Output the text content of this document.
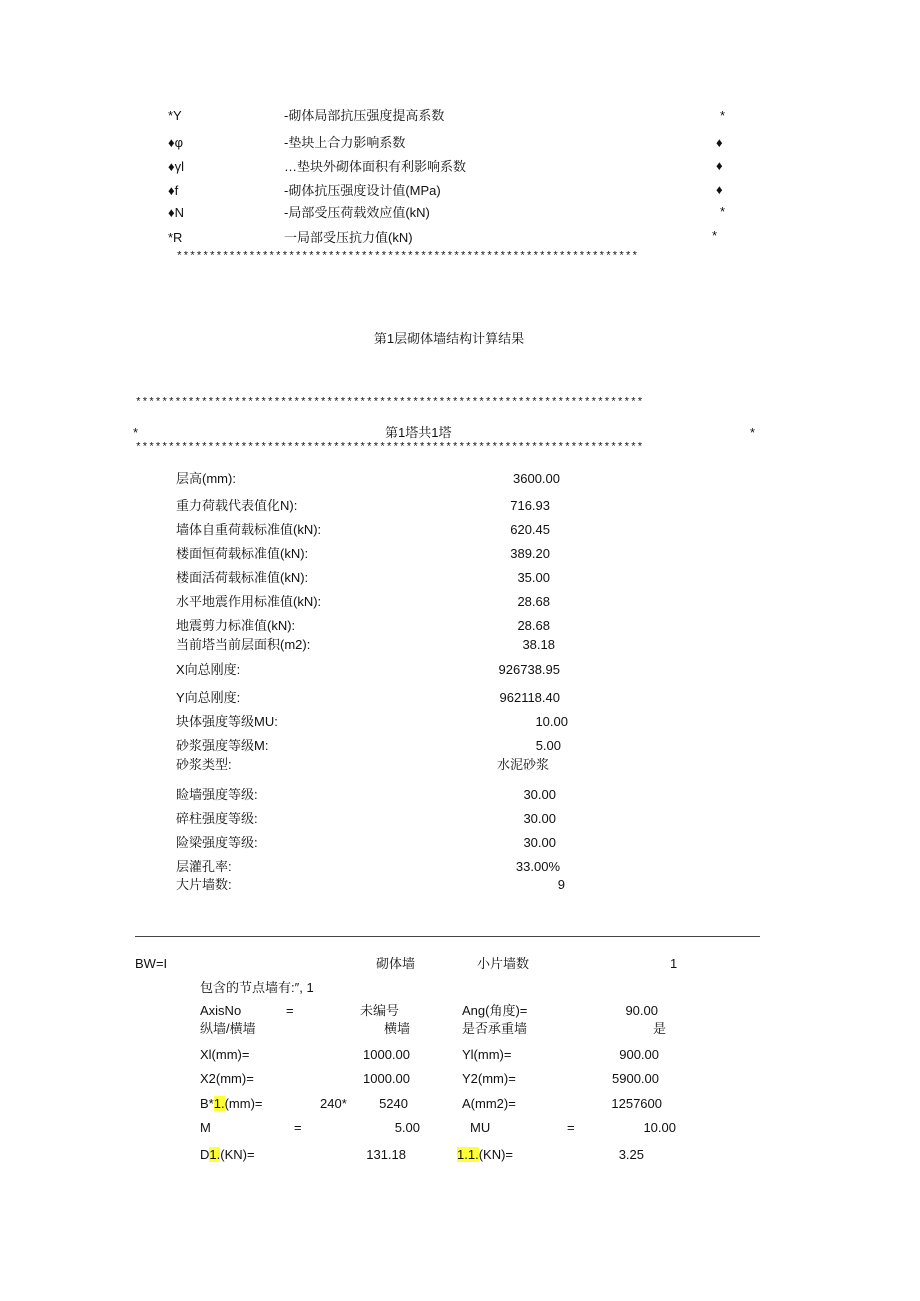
*Y	-砌体局部抗压强度提高系数	*
♦φ	-垫块上合力影响系数	♦
♦γl	…垫块外砌体面积有利影响系数	♦
♦f	-砌体抗压强度设计值(MPa)	♦
♦N	-局部受压荷载效应值(kN)	*
*R	一局部受压抗力值(kN)	*
**********************************************************************
第1层砌体墙结构计算结果
*****************************************************************************
*	第1塔共1塔	*
*****************************************************************************
层高(mm):	3600.00
重力荷载代表值化N):	716.93
墙体自重荷载标准值(kN):	620.45
楼面恒荷载标准值(kN):	389.20
楼面活荷载标准值(kN):	35.00
水平地震作用标准值(kN):	28.68
地震剪力标准值(kN):	28.68
当前塔当前层面积(m2):	38.18
X向总刚度:	926738.95
Y向总刚度:	962118.40
块体强度等级MU:	10.00
砂浆强度等级M:	5.00
砂浆类型:	水泥砂浆
睑墙强度等级:	30.00
碎柱强度等级:	30.00
险梁强度等级:	30.00
层灌孔率:	33.00%
大片墙数:	9
BW=I	砌体墙	小片墙数	1
包含的节点墙有:″, 1
AxisNo	=	未编号	Ang(角度)=	90.00
纵墙/横墙	横墙	是否承重墙	是
Xl(mm)=	1000.00	Yl(mm)=	900.00
X2(mm)=	1000.00	Y2(mm)=	5900.00
B*1.(mm)=	240*	5240	A(mm2)=	1257600
M	=	5.00	MU	=	10.00
D1.(KN)=	131.18	1.1.(KN)=	3.25
